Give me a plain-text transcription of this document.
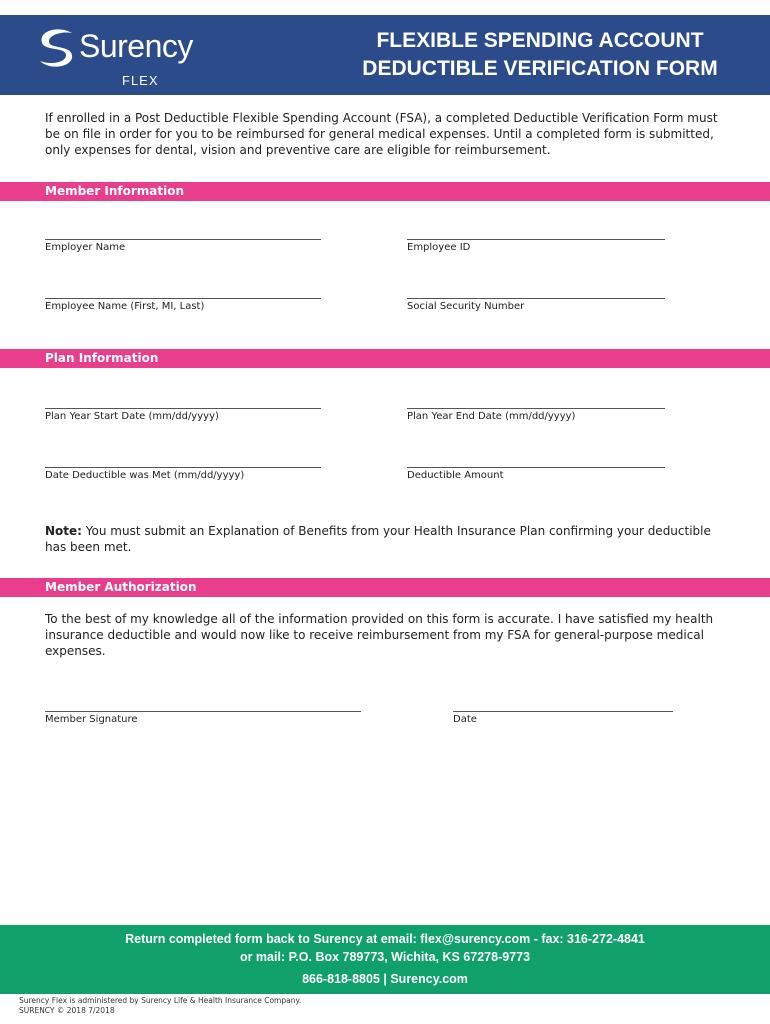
Surency
FLEX
FLEXIBLE SPENDING ACCOUNT
DEDUCTIBLE VERIFICATION FORM
If enrolled in a Post Deductible Flexible Spending Account (FSA), a completed Deductible Verification Form must be on file in order for you to be reimbursed for general medical expenses. Until a completed form is submitted, only expenses for dental, vision and preventive care are eligible for reimbursement.
Member Information
Employer Name	Employee ID
Employee Name (First, MI, Last)	Social Security Number
Plan Information
Plan Year Start Date (mm/dd/yyyy)	Plan Year End Date (mm/dd/yyyy)
Date Deductible was Met (mm/dd/yyyy)	Deductible Amount
Note: You must submit an Explanation of Benefits from your Health Insurance Plan confirming your deductible has been met.
Member Authorization
To the best of my knowledge all of the information provided on this form is accurate. I have satisfied my health insurance deductible and would now like to receive reimbursement from my FSA for general-purpose medical expenses.
Member Signature	Date
Return completed form back to Surency at email: flex@surency.com - fax: 316-272-4841
or mail: P.O. Box 789773, Wichita, KS 67278-9773
866-818-8805 | Surency.com
Surency Flex is administered by Surency Life & Health Insurance Company.
SURENCY © 2018 7/2018
